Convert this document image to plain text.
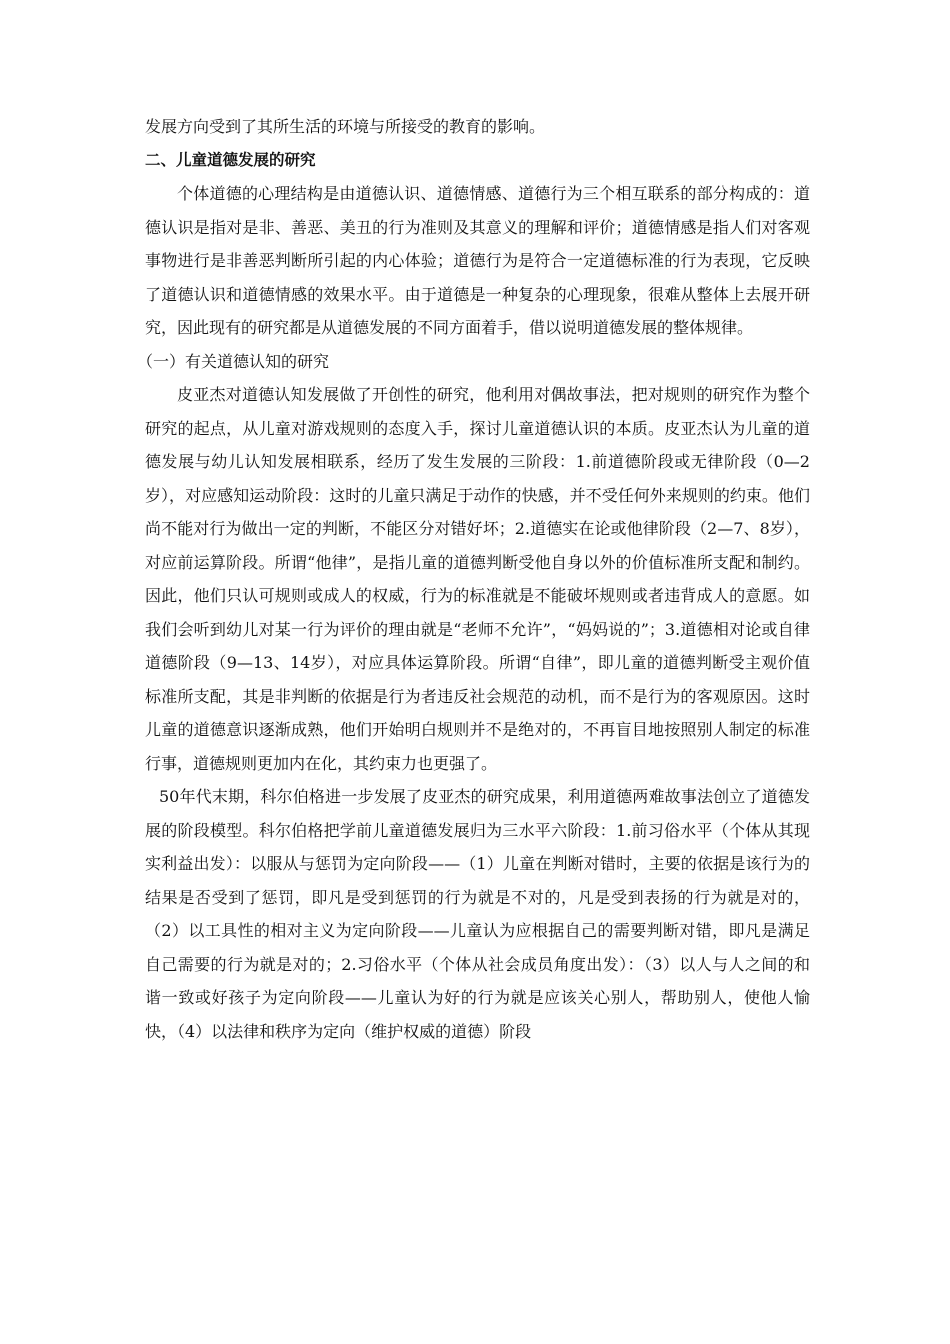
发展方向受到了其所生活的环境与所接受的教育的影响。

二、儿童道德发展的研究

个体道德的心理结构是由道德认识、道德情感、道德行为三个相互联系的部分构成的：道德认识是指对是非、善恶、美丑的行为准则及其意义的理解和评价；道德情感是指人们对客观事物进行是非善恶判断所引起的内心体验；道德行为是符合一定道德标准的行为表现，它反映了道德认识和道德情感的效果水平。由于道德是一种复杂的心理现象，很难从整体上去展开研究，因此现有的研究都是从道德发展的不同方面着手，借以说明道德发展的整体规律。

（一）有关道德认知的研究

皮亚杰对道德认知发展做了开创性的研究，他利用对偶故事法，把对规则的研究作为整个研究的起点，从儿童对游戏规则的态度入手，探讨儿童道德认识的本质。皮亚杰认为儿童的道德发展与幼儿认知发展相联系，经历了发生发展的三阶段：1.前道德阶段或无律阶段（0—2岁），对应感知运动阶段：这时的儿童只满足于动作的快感，并不受任何外来规则的约束。他们尚不能对行为做出一定的判断，不能区分对错好坏；2.道德实在论或他律阶段（2—7、8岁），对应前运算阶段。所谓“他律”，是指儿童的道德判断受他自身以外的价值标准所支配和制约。因此，他们只认可规则或成人的权威，行为的标准就是不能破坏规则或者违背成人的意愿。如我们会听到幼儿对某一行为评价的理由就是“老师不允许”，“妈妈说的”；3.道德相对论或自律道德阶段（9—13、14岁），对应具体运算阶段。所谓“自律”，即儿童的道德判断受主观价值标准所支配，其是非判断的依据是行为者违反社会规范的动机，而不是行为的客观原因。这时儿童的道德意识逐渐成熟，他们开始明白规则并不是绝对的，不再盲目地按照别人制定的标准行事，道德规则更加内在化，其约束力也更强了。

50年代末期，科尔伯格进一步发展了皮亚杰的研究成果，利用道德两难故事法创立了道德发展的阶段模型。科尔伯格把学前儿童道德发展归为三水平六阶段：1.前习俗水平（个体从其现实利益出发）：以服从与惩罚为定向阶段——（1）儿童在判断对错时，主要的依据是该行为的结果是否受到了惩罚，即凡是受到惩罚的行为就是不对的，凡是受到表扬的行为就是对的，（2）以工具性的相对主义为定向阶段——儿童认为应根据自己的需要判断对错，即凡是满足自己需要的行为就是对的；2.习俗水平（个体从社会成员角度出发）：（3）以人与人之间的和谐一致或好孩子为定向阶段——儿童认为好的行为就是应该关心别人，帮助别人，使他人愉快，（4）以法律和秩序为定向（维护权威的道德）阶段
